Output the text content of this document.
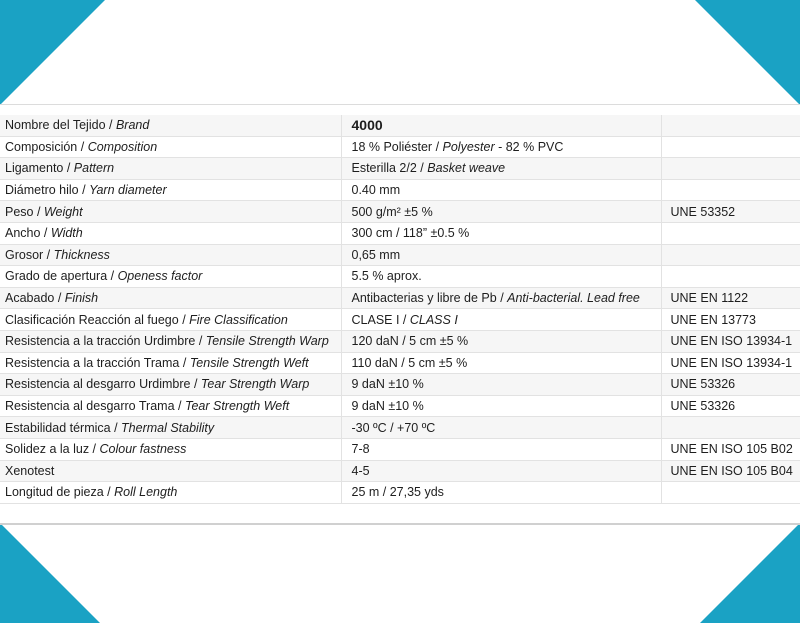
Nombre del Tejido / Brand	4000	
Composición / Composition	18 % Poliéster / Polyester - 82 % PVC	
Ligamento / Pattern	Esterilla 2/2 / Basket weave	
Diámetro hilo / Yarn diameter	0.40 mm	
Peso / Weight	500 g/m² ±5 %	UNE 53352
Ancho / Width	300 cm / 118” ±0.5 %	
Grosor / Thickness	0,65 mm	
Grado de apertura / Openess factor	5.5 % aprox.	
Acabado / Finish	Antibacterias y libre de Pb / Anti-bacterial. Lead free	UNE EN 1122
Clasificación Reacción al fuego / Fire Classification	CLASE I / CLASS I	UNE EN 13773
Resistencia a la tracción Urdimbre / Tensile Strength Warp	120 daN / 5 cm ±5 %	UNE EN ISO 13934-1
Resistencia a la tracción Trama / Tensile Strength Weft	110 daN / 5 cm ±5 %	UNE EN ISO 13934-1
Resistencia al desgarro Urdimbre / Tear Strength Warp	9 daN ±10 %	UNE 53326
Resistencia al desgarro Trama / Tear Strength Weft	9 daN ±10 %	UNE 53326
Estabilidad térmica / Thermal Stability	-30 ºC / +70 ºC	
Solidez a la luz / Colour fastness	7-8	UNE EN ISO 105 B02
Xenotest	4-5	UNE EN ISO 105 B04
Longitud de pieza / Roll Length	25 m / 27,35 yds	
